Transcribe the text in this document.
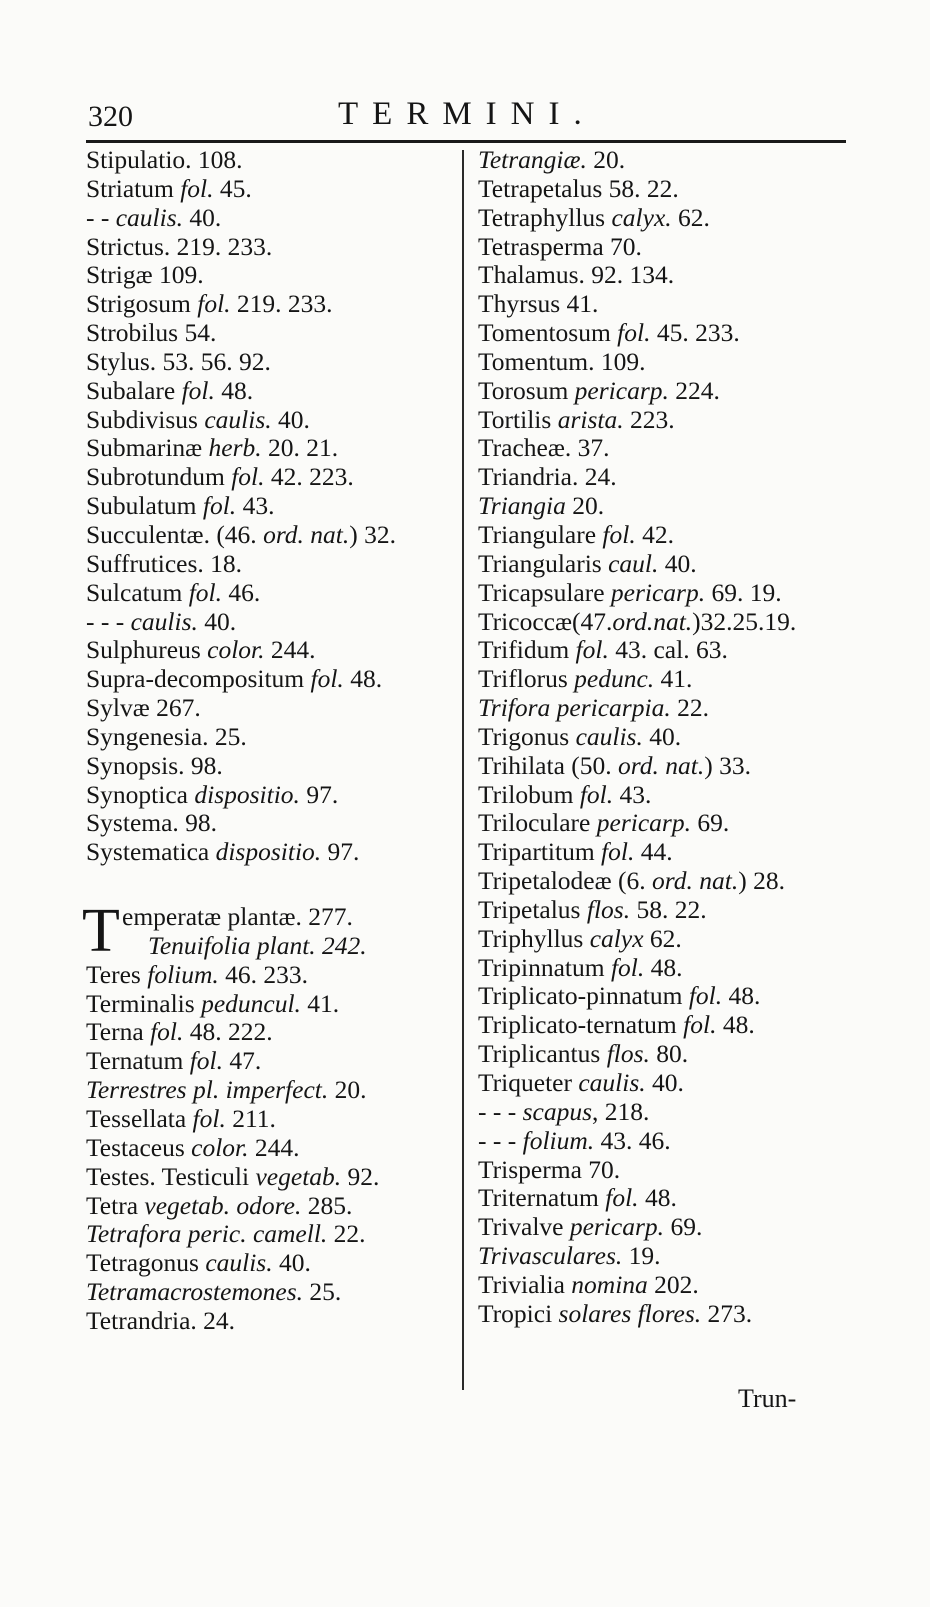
320	TERMINI.
Stipulatio. 108.
Striatum fol. 45.
- - caulis. 40.
Strictus. 219. 233.
Strigæ 109.
Strigosum fol. 219. 233.
Strobilus 54.
Stylus. 53. 56. 92.
Subalare fol. 48.
Subdivisus caulis. 40.
Submarinæ herb. 20. 21.
Subrotundum fol. 42. 223.
Subulatum fol. 43.
Succulentæ. (46. ord. nat.) 32.
Suffrutices. 18.
Sulcatum fol. 46.
- - - caulis. 40.
Sulphureus color. 244.
Supra-decompositum fol. 48.
Sylvæ 267.
Syngenesia. 25.
Synopsis. 98.
Synoptica dispositio. 97.
Systema. 98.
Systematica dispositio. 97.
T emperatæ plantæ. 277.
Tenuifolia plant. 242.
Teres folium. 46. 233.
Terminalis peduncul. 41.
Terna fol. 48. 222.
Ternatum fol. 47.
Terrestres pl. imperfect. 20.
Tessellata fol. 211.
Testaceus color. 244.
Testes. Testiculi vegetab. 92.
Tetra vegetab. odore. 285.
Tetrafora peric. camell. 22.
Tetragonus caulis. 40.
Tetramacrostemones. 25.
Tetrandria. 24.
Tetrangiæ. 20.
Tetrapetalus 58. 22.
Tetraphyllus calyx. 62.
Tetrasperma 70.
Thalamus. 92. 134.
Thyrsus 41.
Tomentosum fol. 45. 233.
Tomentum. 109.
Torosum pericarp. 224.
Tortilis arista. 223.
Tracheæ. 37.
Triandria. 24.
Triangia 20.
Triangulare fol. 42.
Triangularis caul. 40.
Tricapsulare pericarp. 69. 19.
Tricoccæ(47.ord.nat.)32.25.19.
Trifidum fol. 43. cal. 63.
Triflorus pedunc. 41.
Trifora pericarpia. 22.
Trigonus caulis. 40.
Trihilata (50. ord. nat.) 33.
Trilobum fol. 43.
Triloculare pericarp. 69.
Tripartitum fol. 44.
Tripetalodeæ (6. ord. nat.) 28.
Tripetalus flos. 58. 22.
Triphyllus calyx 62.
Tripinnatum fol. 48.
Triplicato-pinnatum fol. 48.
Triplicato-ternatum fol. 48.
Triplicantus flos. 80.
Triqueter caulis. 40.
- - - scapus, 218.
- - - folium. 43. 46.
Trisperma 70.
Triternatum fol. 48.
Trivalve pericarp. 69.
Trivasculares. 19.
Trivialia nomina 202.
Tropici solares flores. 273.
Trun-
